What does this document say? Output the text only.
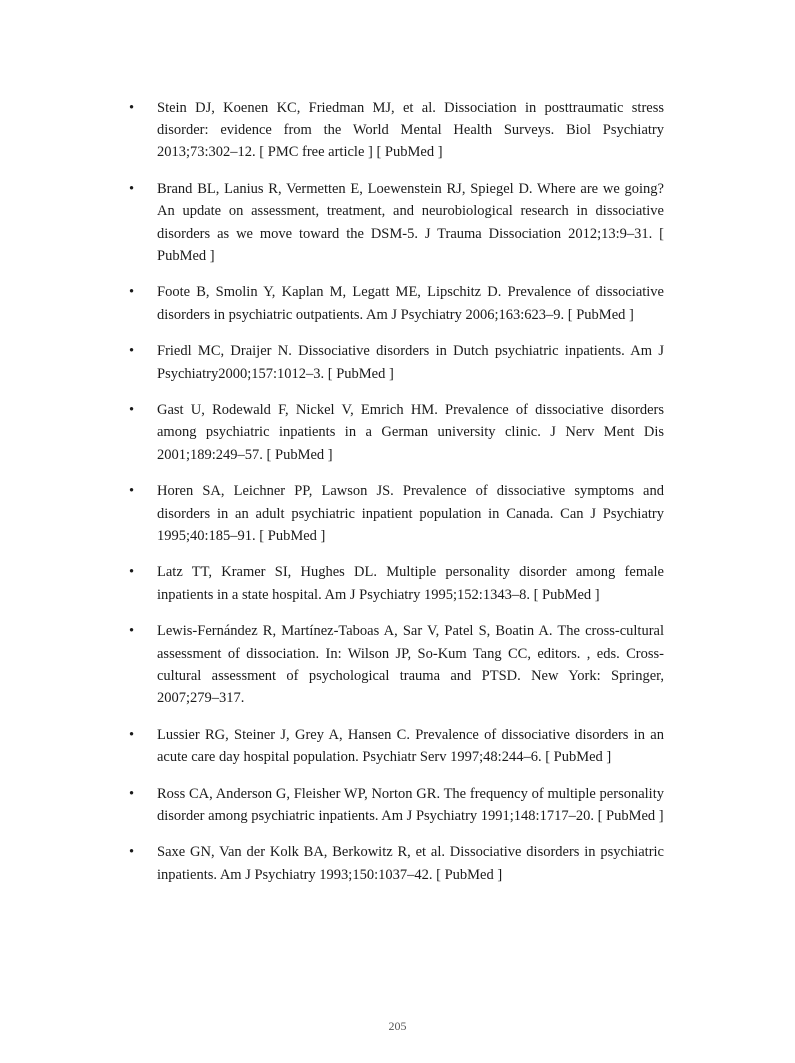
• Stein DJ, Koenen KC, Friedman MJ, et al. Dissociation in posttraumatic stress disorder: evidence from the World Mental Health Surveys. Biol Psychiatry 2013;73:302–12. [ PMC free article ] [ PubMed ]
• Brand BL, Lanius R, Vermetten E, Loewenstein RJ, Spiegel D. Where are we going? An update on assessment, treatment, and neurobiological research in dissociative disorders as we move toward the DSM-5. J Trauma Dissociation 2012;13:9–31. [ PubMed ]
• Foote B, Smolin Y, Kaplan M, Legatt ME, Lipschitz D. Prevalence of dissociative disorders in psychiatric outpatients. Am J Psychiatry 2006;163:623–9. [ PubMed ]
• Friedl MC, Draijer N. Dissociative disorders in Dutch psychiatric inpatients. Am J Psychiatry2000;157:1012–3. [ PubMed ]
• Gast U, Rodewald F, Nickel V, Emrich HM. Prevalence of dissociative disorders among psychiatric inpatients in a German university clinic. J Nerv Ment Dis 2001;189:249–57. [ PubMed ]
• Horen SA, Leichner PP, Lawson JS. Prevalence of dissociative symptoms and disorders in an adult psychiatric inpatient population in Canada. Can J Psychiatry 1995;40:185–91. [ PubMed ]
• Latz TT, Kramer SI, Hughes DL. Multiple personality disorder among female inpatients in a state hospital. Am J Psychiatry 1995;152:1343–8. [ PubMed ]
• Lewis-Fernández R, Martínez-Taboas A, Sar V, Patel S, Boatin A. The cross-cultural assessment of dissociation. In: Wilson JP, So-Kum Tang CC, editors. , eds. Cross-cultural assessment of psychological trauma and PTSD. New York: Springer, 2007;279–317.
• Lussier RG, Steiner J, Grey A, Hansen C. Prevalence of dissociative disorders in an acute care day hospital population. Psychiatr Serv 1997;48:244–6. [ PubMed ]
• Ross CA, Anderson G, Fleisher WP, Norton GR. The frequency of multiple personality disorder among psychiatric inpatients. Am J Psychiatry 1991;148:1717–20. [ PubMed ]
• Saxe GN, Van der Kolk BA, Berkowitz R, et al. Dissociative disorders in psychiatric inpatients. Am J Psychiatry 1993;150:1037–42. [ PubMed ]
205
